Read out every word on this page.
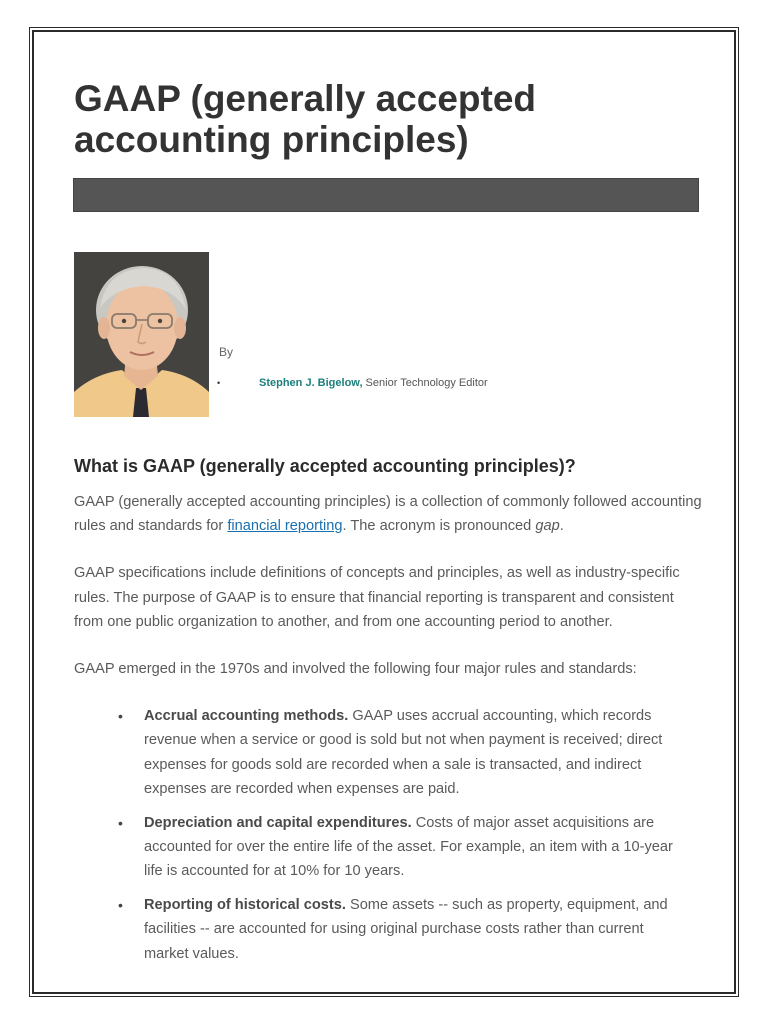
GAAP (generally accepted accounting principles)
By
•	Stephen J. Bigelow, Senior Technology Editor
What is GAAP (generally accepted accounting principles)?

GAAP (generally accepted accounting principles) is a collection of commonly followed accounting rules and standards for financial reporting. The acronym is pronounced gap.

GAAP specifications include definitions of concepts and principles, as well as industry-specific rules. The purpose of GAAP is to ensure that financial reporting is transparent and consistent from one public organization to another, and from one accounting period to another.

GAAP emerged in the 1970s and involved the following four major rules and standards:

• Accrual accounting methods. GAAP uses accrual accounting, which records revenue when a service or good is sold but not when payment is received; direct expenses for goods sold are recorded when a sale is transacted, and indirect expenses are recorded when expenses are paid.
• Depreciation and capital expenditures. Costs of major asset acquisitions are accounted for over the entire life of the asset. For example, an item with a 10-year life is accounted for at 10% for 10 years.
• Reporting of historical costs. Some assets -- such as property, equipment, and facilities -- are accounted for using original purchase costs rather than current market values.
